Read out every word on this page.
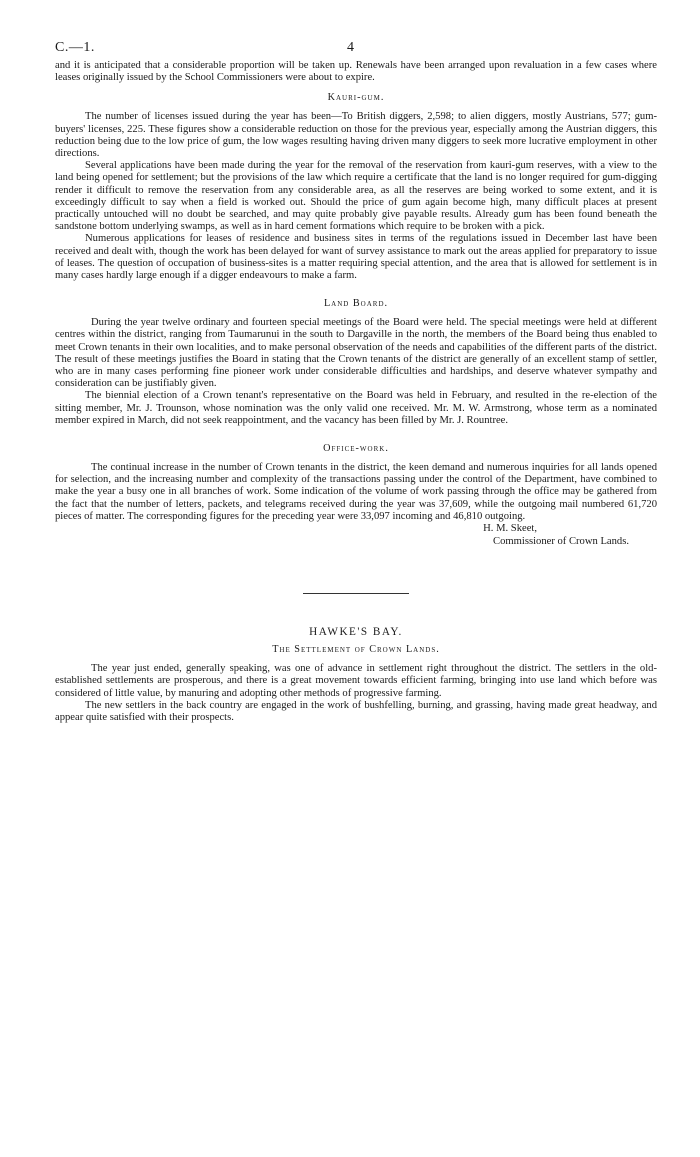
C.—1.	4

and it is anticipated that a considerable proportion will be taken up. Renewals have been arranged upon revaluation in a few cases where leases originally issued by the School Commissioners were about to expire.

Kauri-gum.

The number of licenses issued during the year has been—To British diggers, 2,598; to alien diggers, mostly Austrians, 577; gum-buyers' licenses, 225. These figures show a considerable reduction on those for the previous year, especially among the Austrian diggers, this reduction being due to the low price of gum, the low wages resulting having driven many diggers to seek more lucrative employment in other directions.

Several applications have been made during the year for the removal of the reservation from kauri-gum reserves, with a view to the land being opened for settlement; but the provisions of the law which require a certificate that the land is no longer required for gum-digging render it difficult to remove the reservation from any considerable area, as all the reserves are being worked to some extent, and it is exceedingly difficult to say when a field is worked out. Should the price of gum again become high, many difficult places at present practically untouched will no doubt be searched, and may quite probably give payable results. Already gum has been found beneath the sandstone bottom underlying swamps, as well as in hard cement formations which require to be broken with a pick.

Numerous applications for leases of residence and business sites in terms of the regulations issued in December last have been received and dealt with, though the work has been delayed for want of survey assistance to mark out the areas applied for preparatory to issue of leases. The question of occupation of business-sites is a matter requiring special attention, and the area that is allowed for settlement is in many cases hardly large enough if a digger endeavours to make a farm.

Land Board.

During the year twelve ordinary and fourteen special meetings of the Board were held. The special meetings were held at different centres within the district, ranging from Taumarunui in the south to Dargaville in the north, the members of the Board being thus enabled to meet Crown tenants in their own localities, and to make personal observation of the needs and capabilities of the different parts of the district. The result of these meetings justifies the Board in stating that the Crown tenants of the district are generally of an excellent stamp of settler, who are in many cases performing fine pioneer work under considerable difficulties and hardships, and deserve whatever sympathy and consideration can be justifiably given.

The biennial election of a Crown tenant's representative on the Board was held in February, and resulted in the re-election of the sitting member, Mr. J. Trounson, whose nomination was the only valid one received. Mr. M. W. Armstrong, whose term as a nominated member expired in March, did not seek reappointment, and the vacancy has been filled by Mr. J. Rountree.

Office-work.

The continual increase in the number of Crown tenants in the district, the keen demand and numerous inquiries for all lands opened for selection, and the increasing number and complexity of the transactions passing under the control of the Department, have combined to make the year a busy one in all branches of work. Some indication of the volume of work passing through the office may be gathered from the fact that the number of letters, packets, and telegrams received during the year was 37,609, while the outgoing mail numbered 61,720 pieces of matter. The corresponding figures for the preceding year were 33,097 incoming and 46,810 outgoing.

H. M. Skeet,
Commissioner of Crown Lands.
HAWKE'S BAY.
The Settlement of Crown Lands.

The year just ended, generally speaking, was one of advance in settlement right throughout the district. The settlers in the old-established settlements are prosperous, and there is a great movement towards efficient farming, bringing into use land which before was considered of little value, by manuring and adopting other methods of progressive farming.

The new settlers in the back country are engaged in the work of bushfelling, burning, and grassing, having made great headway, and appear quite satisfied with their prospects.
